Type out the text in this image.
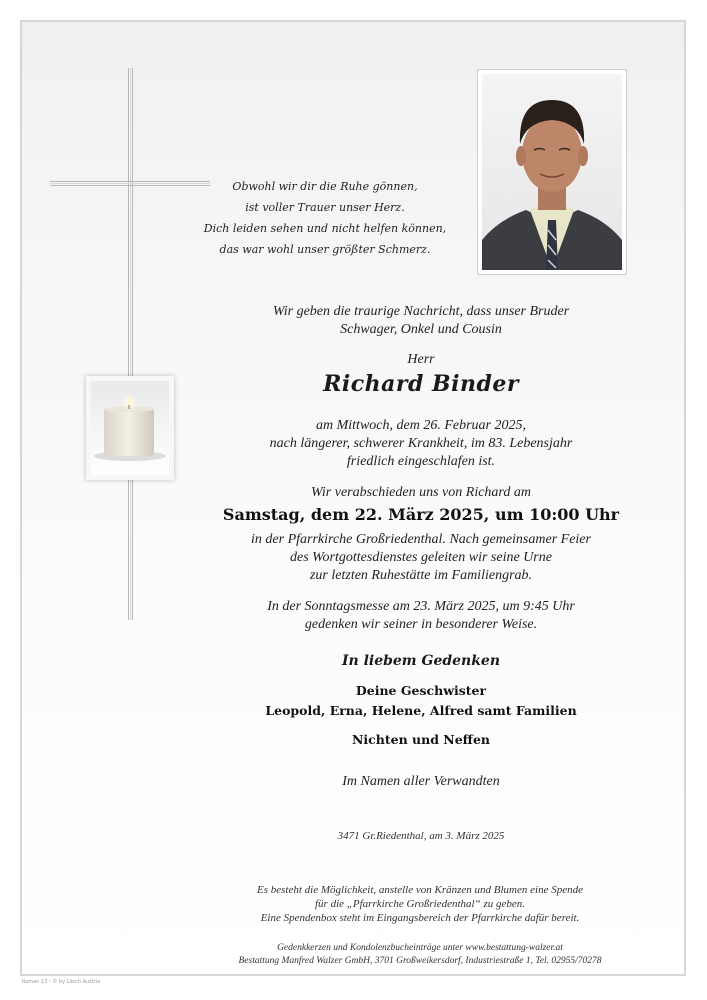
Obwohl wir dir die Ruhe gönnen,
ist voller Trauer unser Herz.
Dich leiden sehen und nicht helfen können,
das war wohl unser größter Schmerz.
Wir geben die traurige Nachricht, dass unser Bruder
Schwager, Onkel und Cousin
Herr
Richard Binder
am Mittwoch, dem 26. Februar 2025,
nach längerer, schwerer Krankheit, im 83. Lebensjahr
friedlich eingeschlafen ist.
Wir verabschieden uns von Richard am
Samstag, dem 22. März 2025, um 10:00 Uhr
in der Pfarrkirche Großriedenthal. Nach gemeinsamer Feier
des Wortgottesdienstes geleiten wir seine Urne
zur letzten Ruhestätte im Familiengrab.
In der Sonntagsmesse am 23. März 2025, um 9:45 Uhr
gedenken wir seiner in besonderer Weise.
In liebem Gedenken
Deine Geschwister
Leopold, Erna, Helene, Alfred samt Familien
Nichten und Neffen
Im Namen aller Verwandten
3471 Gr.Riedenthal, am 3. März 2025
Es besteht die Möglichkeit, anstelle von Kränzen und Blumen eine Spende
für die „Pfarrkirche Großriedenthal“ zu geben.
Eine Spendenbox steht im Eingangsbereich der Pfarrkirche dafür bereit.
Gedenkkerzen und Kondolenzbucheinträge unter www.bestattung-walzer.at
Bestattung Manfred Walzer GmbH, 3701 Großweikersdorf, Industriestraße 1, Tel. 02955/70278
Roman 13 - © by Lösch Austria
